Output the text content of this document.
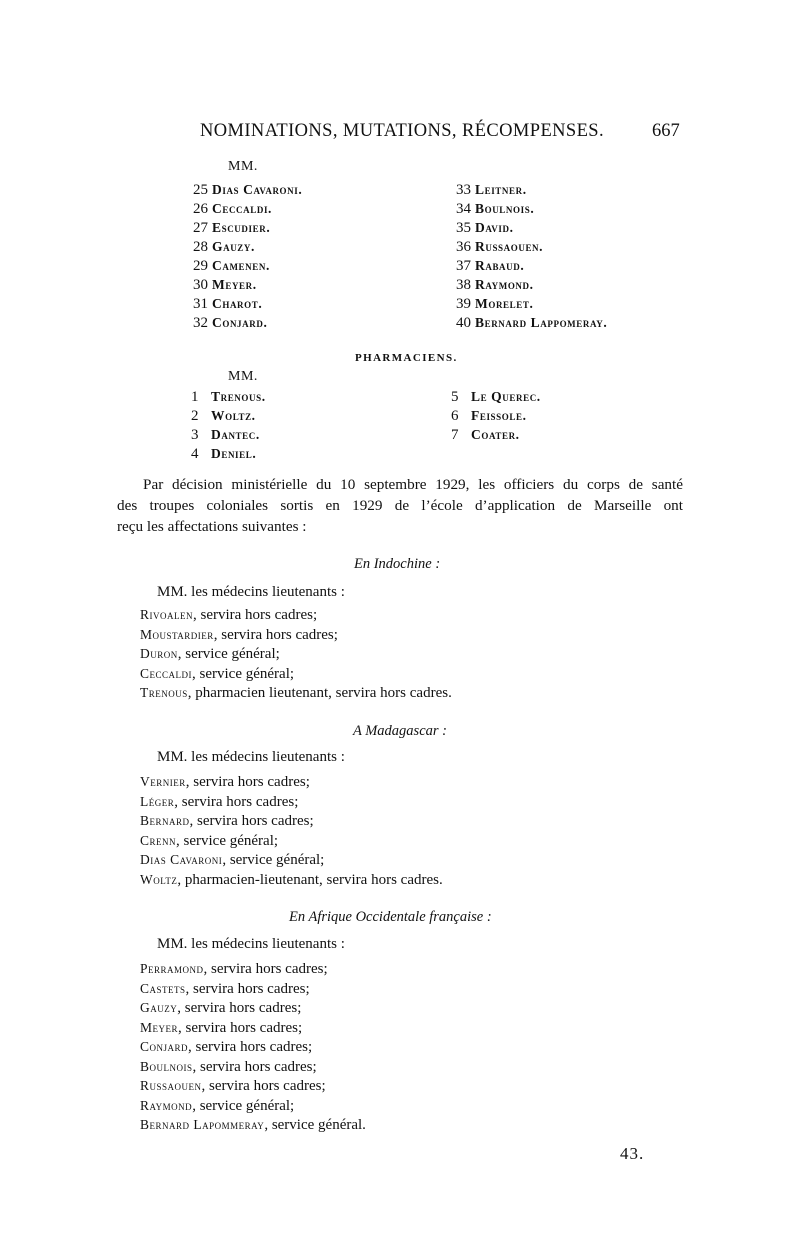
NOMINATIONS, MUTATIONS, RÉCOMPENSES.	667
MM.
25 Dias Cavaroni.
26 Ceccaldi.
27 Escudier.
28 Gauzy.
29 Camenen.
30 Meyer.
31 Charot.
32 Conjard.
33 Leitner.
34 Boulnois.
35 David.
36 Russaouen.
37 Rabaud.
38 Raymond.
39 Morelet.
40 Bernard Lappomeray.
PHARMACIENS.
MM.
1 Trenous.
2 Woltz.
3 Dantec.
4 Deniel.
5 Le Querec.
6 Feissole.
7 Coater.
Par décision ministérielle du 10 septembre 1929, les officiers du corps de santé
des troupes coloniales sortis en 1929 de l’école d’application de Marseille ont
reçu les affectations suivantes :
En Indochine :
MM. les médecins lieutenants :
Rivoalen, servira hors cadres;
Moustardier, servira hors cadres;
Duron, service général;
Ceccaldi, service général;
Trenous, pharmacien lieutenant, servira hors cadres.
A Madagascar :
MM. les médecins lieutenants :
Vernier, servira hors cadres;
Léger, servira hors cadres;
Bernard, servira hors cadres;
Crenn, service général;
Dias Cavaroni, service général;
Woltz, pharmacien-lieutenant, servira hors cadres.
En Afrique Occidentale française :
MM. les médecins lieutenants :
Perramond, servira hors cadres;
Castets, servira hors cadres;
Gauzy, servira hors cadres;
Meyer, servira hors cadres;
Conjard, servira hors cadres;
Boulnois, servira hors cadres;
Russaouen, servira hors cadres;
Raymond, service général;
Bernard Lapommeray, service général.
43.
